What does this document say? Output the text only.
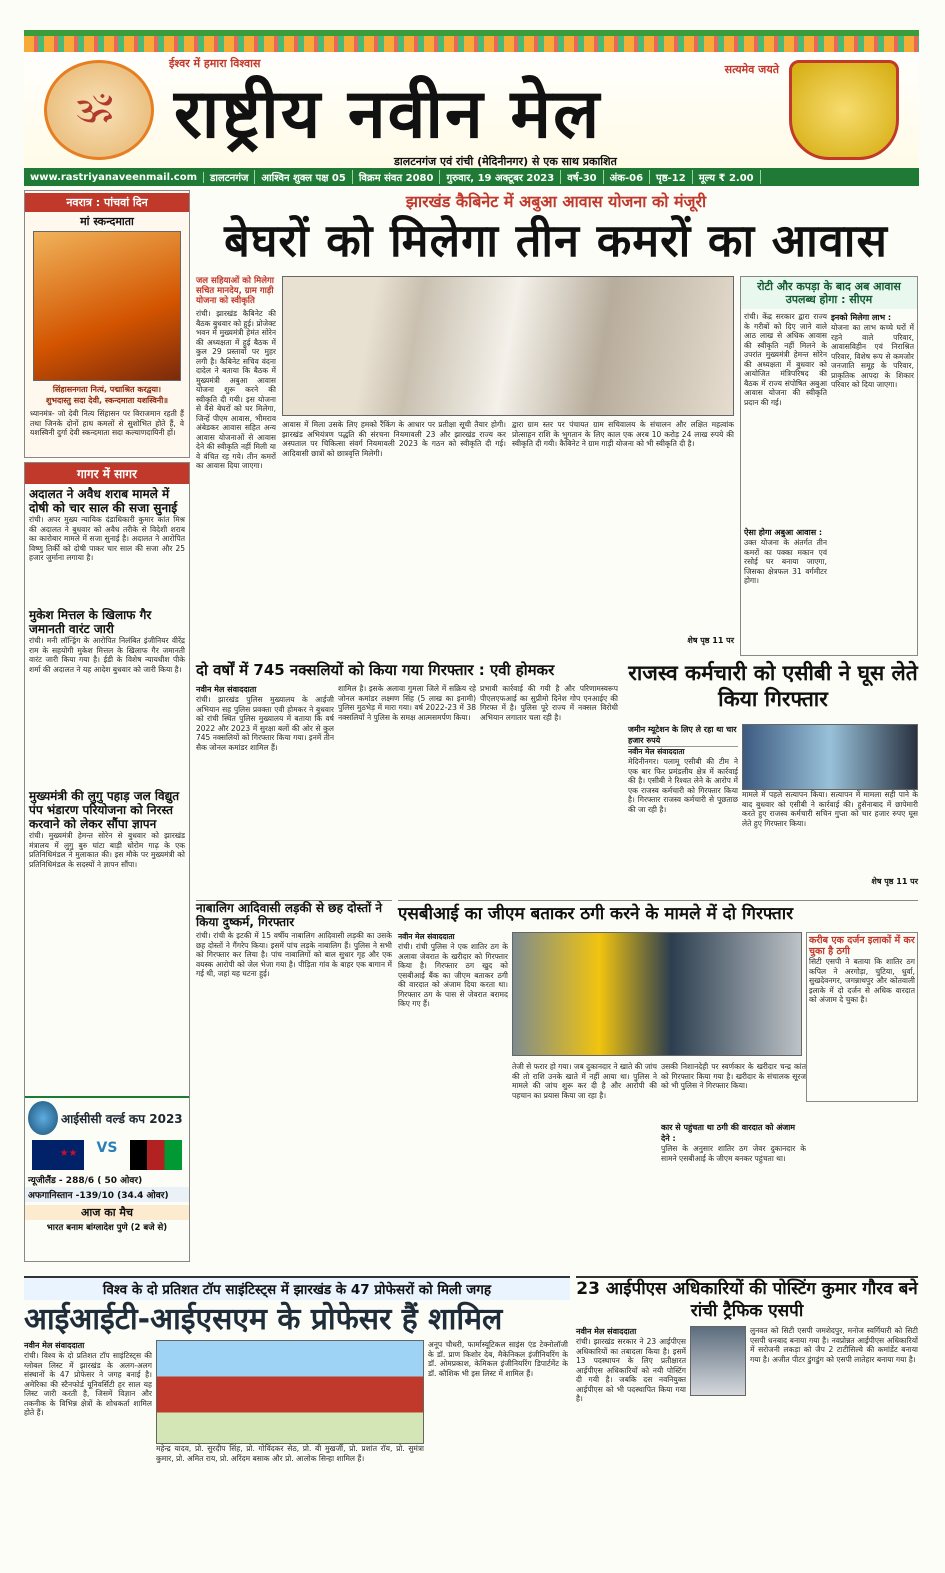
🕉
ईश्वर में हमारा विश्वास
राष्ट्रीय नवीन मेल
सत्यमेव जयते
डालटनगंज एवं रांची (मेदिनीनगर) से एक साथ प्रकाशित
www.rastriyanaveenmail.com	डालटनगंज	आश्विन शुक्ल पक्ष 05	विक्रम संवत 2080	गुरुवार, 19 अक्टूबर 2023	वर्ष-30	अंक-06	पृष्ठ-12	मूल्य ₹ 2.00
नवरात्र : पांचवां दिन
मां स्कन्दमाता
सिंहासनगता नित्यं, पद्माश्रित करद्वया।
शुभदास्तु सदा देवी, स्कन्दमाता यशस्विनी॥
ध्यानमंत्र- जो देवी नित्य सिंहासन पर विराजमान रहती हैं तथा जिनके दोनों हाथ कमलों से सुशोभित होते हैं, वे यशस्विनी दुर्गा देवी स्कन्दमाता सदा कल्याणदायिनी हों।
गागर में सागर
अदालत ने अवैध शराब मामले में दोषी को चार साल की सजा सुनाई
रांची। अपर मुख्य न्यायिक दंडाधिकारी कुमार कांत मिश्र की अदालत ने बुधवार को अवैध तरीके से विदेशी शराब का कारोबार मामले में सजा सुनाई है। अदालत ने आरोपित विष्णु तिर्की को दोषी पाकर चार साल की सजा और 25 हजार जुर्माना लगाया है।
मुकेश मित्तल के खिलाफ गैर जमानती वारंट जारी
रांची। मनी लॉन्ड्रिंग के आरोपित निलंबित इंजीनियर वीरेंद्र राम के सहयोगी मुकेश मित्तल के खिलाफ गैर जमानती वारंट जारी किया गया है। ईडी के विशेष न्यायधीश पीके शर्मा की अदालत ने यह आदेश बुधवार को जारी किया है।
मुख्यमंत्री की लुगु पहाड़ जल विद्युत पंप भंडारण परियोजना को निरस्त करवाने को लेकर सौंपा ज्ञापन
रांची। मुख्यमंत्री हेमन्त सोरेन से बुधवार को झारखंड मंत्रालय में लुगु बुरु घांटा बाड़ी धोरोम गाढ़ के एक प्रतिनिधिमंडल ने मुलाकात की। इस मौके पर मुख्यमंत्री को प्रतिनिधिमंडल के सदस्यों ने ज्ञापन सौंपा।
आईसीसी वर्ल्ड कप 2023
★★ VS
न्यूजीलैंड - 288/6 ( 50 ओवर)
अफगानिस्तान -139/10 (34.4 ओवर)
आज का मैच
भारत बनाम बांग्लादेश पुणे (2 बजे से)
झारखंड कैबिनेट में अबुआ आवास योजना को मंजूरी
बेघरों को मिलेगा तीन कमरों का आवास
जल सहियाओं को मिलेगा सचित मानदेय, ग्राम गाड़ी योजना को स्वीकृति
रांची। झारखंड कैबिनेट की बैठक बुधवार को हुई। प्रोजेक्ट भवन में मुख्यमंत्री हेमंत सोरेन की अध्यक्षता में हुई बैठक में कुल 29 प्रस्तावों पर मुहर लगी है। कैबिनेट सचिव वंदना दादेल ने बताया कि बैठक में मुख्यमंत्री अबुआ आवास योजना शुरू करने की स्वीकृति दी गयी। इस योजना से वैसे बेघरों को घर मिलेगा, जिन्हें पीएम आवास, भीमराव अंबेडकर आवास सहित अन्य आवास योजनाओं से आवास देने की स्वीकृति नहीं मिली या वे वंचित रह गये। तीन कमरों का आवास दिया जाएगा।
आवास में मिला उसके लिए हमको रैंकिंग के आधार पर प्रतीक्षा सूची तैयार होगी। झारखंड अभियंत्रण पद्धति की संरचना नियमावली 23 और झारखंड राज्य कर अस्पताल पर चिकित्सा संवर्ग नियमावली 2023 के गठन को स्वीकृति दी गई। आदिवासी छात्रों को छात्रवृत्ति मिलेगी।
द्वारा ग्राम स्तर पर पंचायत ग्राम सचिवालय के संचालन और लक्षित महत्वांक प्रोत्साहन राशि के भुगतान के लिए काल एक अरब 10 करोड़ 24 लाख रुपये की स्वीकृति दी गयी। कैबिनेट ने ग्राम गाड़ी योजना को भी स्वीकृति दी है।
शेष पृष्ठ 11 पर
रोटी और कपड़ा के बाद अब आवास उपलब्ध होगा : सीएम
रांची। केंद्र सरकार द्वारा राज्य के गरीबों को दिए जाने वाले आठ लाख से अधिक आवास की स्वीकृति नहीं मिलने के उपरांत मुख्यमंत्री हेमन्त सोरेन की अध्यक्षता में बुधवार को आयोजित मंत्रिपरिषद की बैठक में राज्य संपोषित अबुआ आवास योजना की स्वीकृति प्रदान की गई।
ऐसा होगा अबुआ आवास :
उक्त योजना के अंतर्गत तीन कमरों का पक्का मकान एवं रसोई घर बनाया जाएगा, जिसका क्षेत्रफल 31 वर्गमीटर होगा।
इनको मिलेगा लाभ :
योजना का लाभ कच्चे घरों में रहने वाले परिवार, आवासविहीन एवं निराश्रित परिवार, विशेष रूप से कमजोर जनजाति समूह के परिवार, प्राकृतिक आपदा के शिकार परिवार को दिया जाएगा।
दो वर्षों में 745 नक्सलियों को किया गया गिरफ्तार : एवी होमकर
नवीन मेल संवाददाता
रांची। झारखंड पुलिस मुख्यालय के आईजी अभियान सह पुलिस प्रवक्ता एवी होमकर ने बुधवार को रांची स्थित पुलिस मुख्यालय में बताया कि वर्ष 2022 और 2023 में सुरक्षा बलों की ओर से कुल 745 नक्सलियों को गिरफ्तार किया गया। इनमें तीन सैक जोनल कमांडर शामिल हैं।
शामिल है। इसके अलावा गुमला जिले में सक्रिय रहे जोनल कमांडर लक्ष्मण सिंह (5 लाख का इनामी) पुलिस मुठभेड़ में मारा गया। वर्ष 2022-23 में 38 नक्सलियों ने पुलिस के समक्ष आत्मसमर्पण किया।
प्रभावी कार्रवाई की गयी है और परिणामस्वरूप पीएलएफआई का सुप्रीमो दिनेश गोप एनआईए की गिरफ्त में है। पुलिस पूरे राज्य में नक्सल विरोधी अभियान लगातार चला रही है।
राजस्व कर्मचारी को एसीबी ने घूस लेते किया गिरफ्तार
जमीन म्यूटेशन के लिए ले रहा था चार हजार रुपये
नवीन मेल संवाददाता
मेदिनीनगर। पलामू एसीबी की टीम ने एक बार फिर प्रमंडलीय क्षेत्र में कार्रवाई की है। एसीबी ने रिश्वत लेने के आरोप में एक राजस्व कर्मचारी को गिरफ्तार किया है। गिरफ्तार राजस्व कर्मचारी से पूछताछ की जा रही है।
मामले में पहले सत्यापन किया। सत्यापन में मामला सही पाने के बाद बुधवार को एसीबी ने कार्रवाई की। हुसैनाबाद में छापेमारी करते हुए राजस्व कर्मचारी सचिन गुप्ता को चार हजार रुपए घूस लेते हुए गिरफ्तार किया।
शेष पृष्ठ 11 पर
नाबालिग आदिवासी लड़की से छह दोस्तों ने किया दुष्कर्म, गिरफ्तार
रांची। रांची के इटकी में 15 वर्षीय नाबालिग आदिवासी लड़की का उसके छह दोस्तों ने गैंगरेप किया। इसमें पांच लड़के नाबालिग हैं। पुलिस ने सभी को गिरफ्तार कर लिया है। पांच नाबालिगों को बाल सुधार गृह और एक वयस्क आरोपी को जेल भेजा गया है। पीड़िता गांव के बाहर एक बागान में गई थी, जहां यह घटना हुई।
एसबीआई का जीएम बताकर ठगी करने के मामले में दो गिरफ्तार
नवीन मेल संवाददाता
रांची। रांची पुलिस ने एक शातिर ठग के अलावा जेवरात के खरीदार को गिरफ्तार किया है। गिरफ्तार ठग खुद को एसबीआई बैंक का जीएम बताकर ठगी की वारदात को अंजाम दिया करता था। गिरफ्तार ठग के पास से जेवरात बरामद किए गए हैं।
करीब एक दर्जन इलाकों में कर चुका है ठगी
सिटी एसपी ने बताया कि शातिर ठग कपिल ने अरगोड़ा, चुटिया, धुर्वा, सुखदेवनगर, जगन्नाथपुर और कोतवाली इलाके में दो दर्जन से अधिक वारदात को अंजाम दे चुका है।
तेजी से फरार हो गया। जब दुकानदार ने खाते की जांच की तो राशि उनके खाते में नहीं आया था। पुलिस ने मामले की जांच शुरू कर दी है और आरोपी की पहचान का प्रयास किया जा रहा है।
उसकी निशानदेही पर स्वर्णकार के खरीदार चन्द्र कांत को गिरफ्तार किया गया है। खरीदार के संचालक सूरज को भी पुलिस ने गिरफ्तार किया।
कार से पहुंचता था ठगी की वारदात को अंजाम देने :
पुलिस के अनुसार शातिर ठग जेवर दुकानदार के सामने एसबीआई के जीएम बनकर पहुंचता था।
विश्व के दो प्रतिशत टॉप साइंटिस्ट्स में झारखंड के 47 प्रोफेसरों को मिली जगह
आईआईटी-आईएसएम के प्रोफेसर हैं शामिल
नवीन मेल संवाददाता
रांची। विश्व के दो प्रतिशत टॉप साइंटिस्ट्स की ग्लोबल लिस्ट में झारखंड के अलग-अलग संस्थानों के 47 प्रोफेसर ने जगह बनाई है। अमेरिका की स्टैनफोर्ड यूनिवर्सिटी हर साल यह लिस्ट जारी करती है, जिसमें विज्ञान और तकनीक के विभिन्न क्षेत्रों के शोधकर्ता शामिल होते हैं।
महेन्द्र यादव, प्रो. सुरदीप सिंह, प्रो. गोविंदकर सेठ, प्रो. बी मुखर्जी, प्रो. प्रशांत रॉय, प्रो. सुमंत्रा कुमार, प्रो. अमित राय, प्रो. अरिंदम बसाक और प्रो. आलोक सिन्हा शामिल हैं।
अनूप चौधरी, फार्मास्यूटिकल साइंस एंड टेक्नोलॉजी के डॉ. प्राण किशोर देब, मैकेनिकल इंजीनियरिंग के डॉ. ओमप्रकाश, केमिकल इंजीनियरिंग डिपार्टमेंट के डॉ. कौशिक भी इस लिस्ट में शामिल हैं।
23 आईपीएस अधिकारियों की पोस्टिंग कुमार गौरव बने रांची ट्रैफिक एसपी
नवीन मेल संवाददाता
रांची। झारखंड सरकार ने 23 आईपीएस अधिकारियों का तबादला किया है। इसमें 13 पदस्थापन के लिए प्रतीक्षारत आईपीएस अधिकारियों को नयी पोस्टिंग दी गयी है। जबकि दस नवनियुक्त आईपीएस को भी पदस्थापित किया गया है।
लुनवत को सिटी एसपी जमशेदपुर, मनोज स्वर्गियारी को सिटी एसपी धनबाद बनाया गया है। नवप्रोन्नत आईपीएस अधिकारियों में सरोजनी लकड़ा को जैप 2 टाटीसिल्वे की कमांडेंट बनाया गया है। अजीत पीटर डुंगडुंग को एसपी लातेहार बनाया गया है।
